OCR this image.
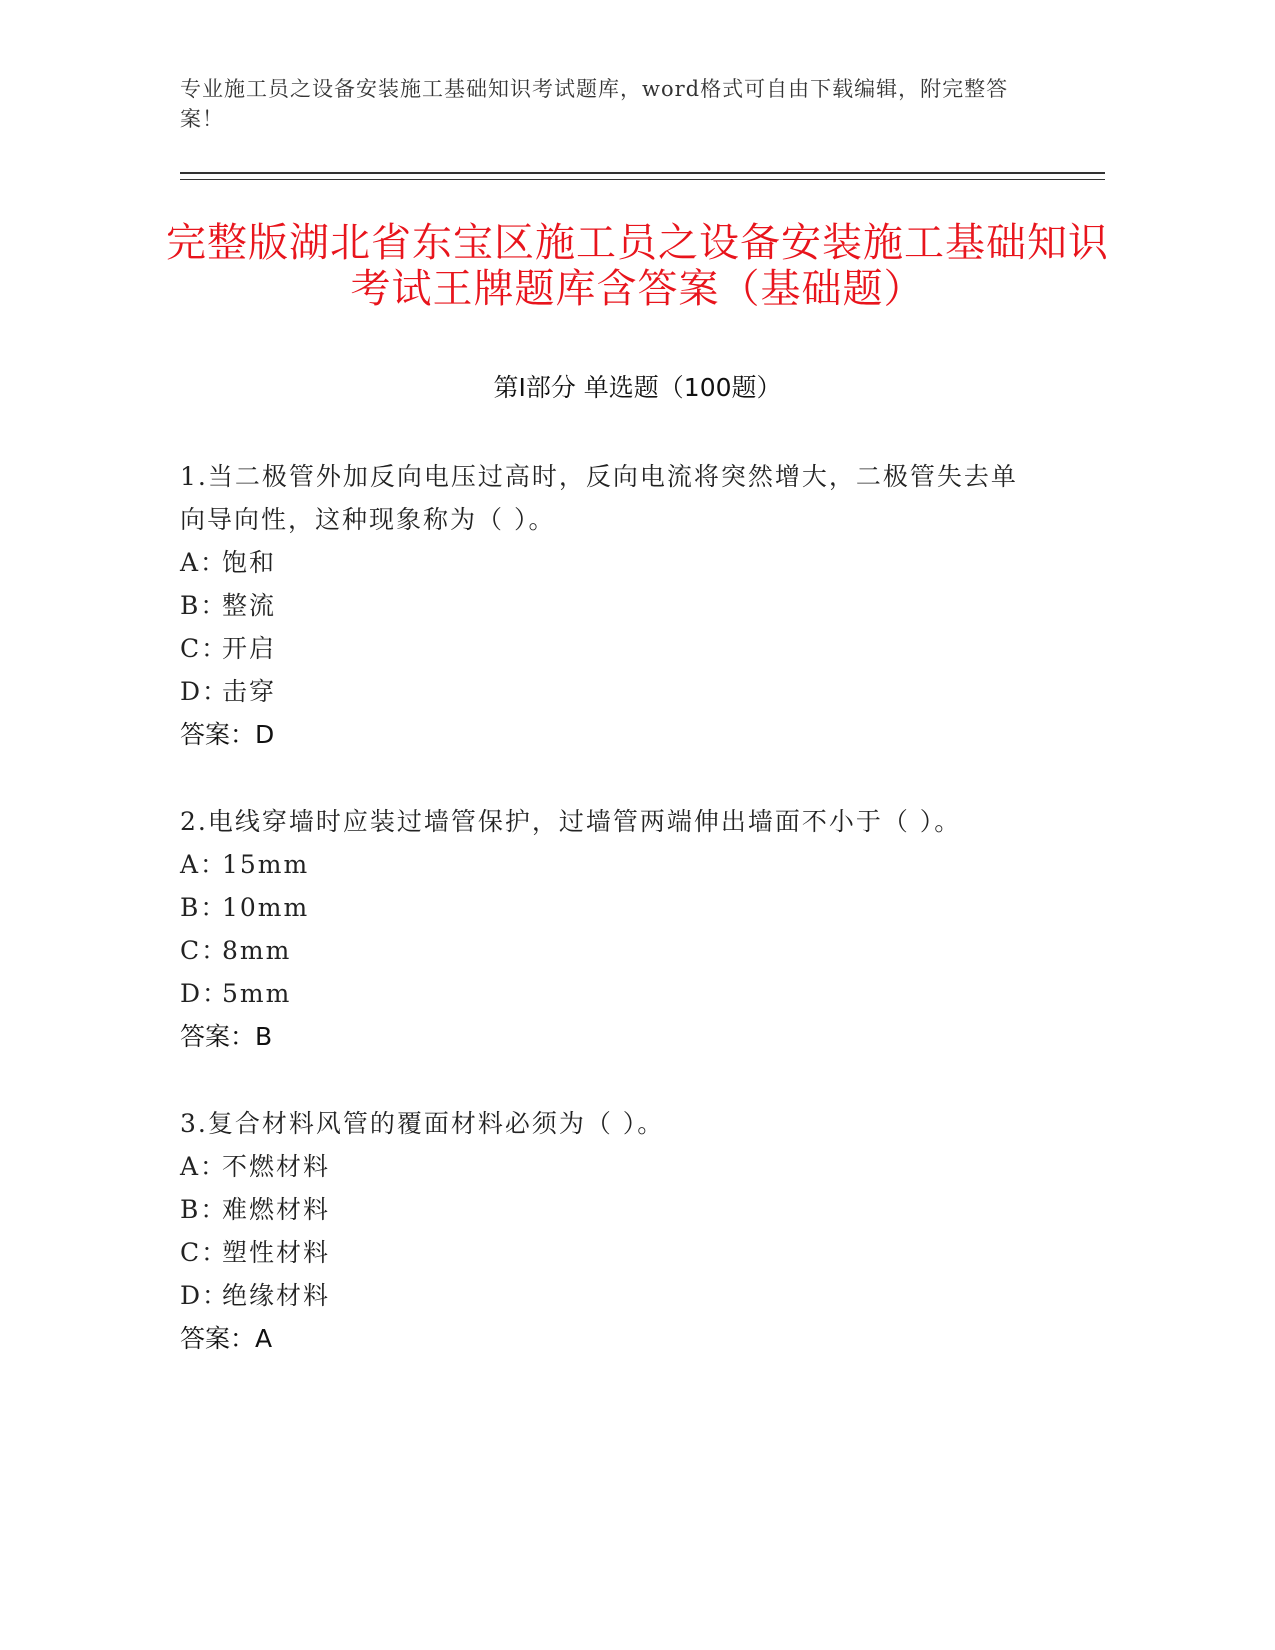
专业施工员之设备安装施工基础知识考试题库，word格式可自由下载编辑，附完整答案！
完整版湖北省东宝区施工员之设备安装施工基础知识考试王牌题库含答案（基础题）
第Ⅰ部分 单选题（100题）
1.当二极管外加反向电压过高时，反向电流将突然增大，二极管失去单向导向性，这种现象称为（ ）。
A：饱和
B：整流
C：开启
D：击穿
答案：D
2.电线穿墙时应装过墙管保护，过墙管两端伸出墙面不小于（ ）。
A：15mm
B：10mm
C：8mm
D：5mm
答案：B
3.复合材料风管的覆面材料必须为（ ）。
A：不燃材料
B：难燃材料
C：塑性材料
D：绝缘材料
答案：A
